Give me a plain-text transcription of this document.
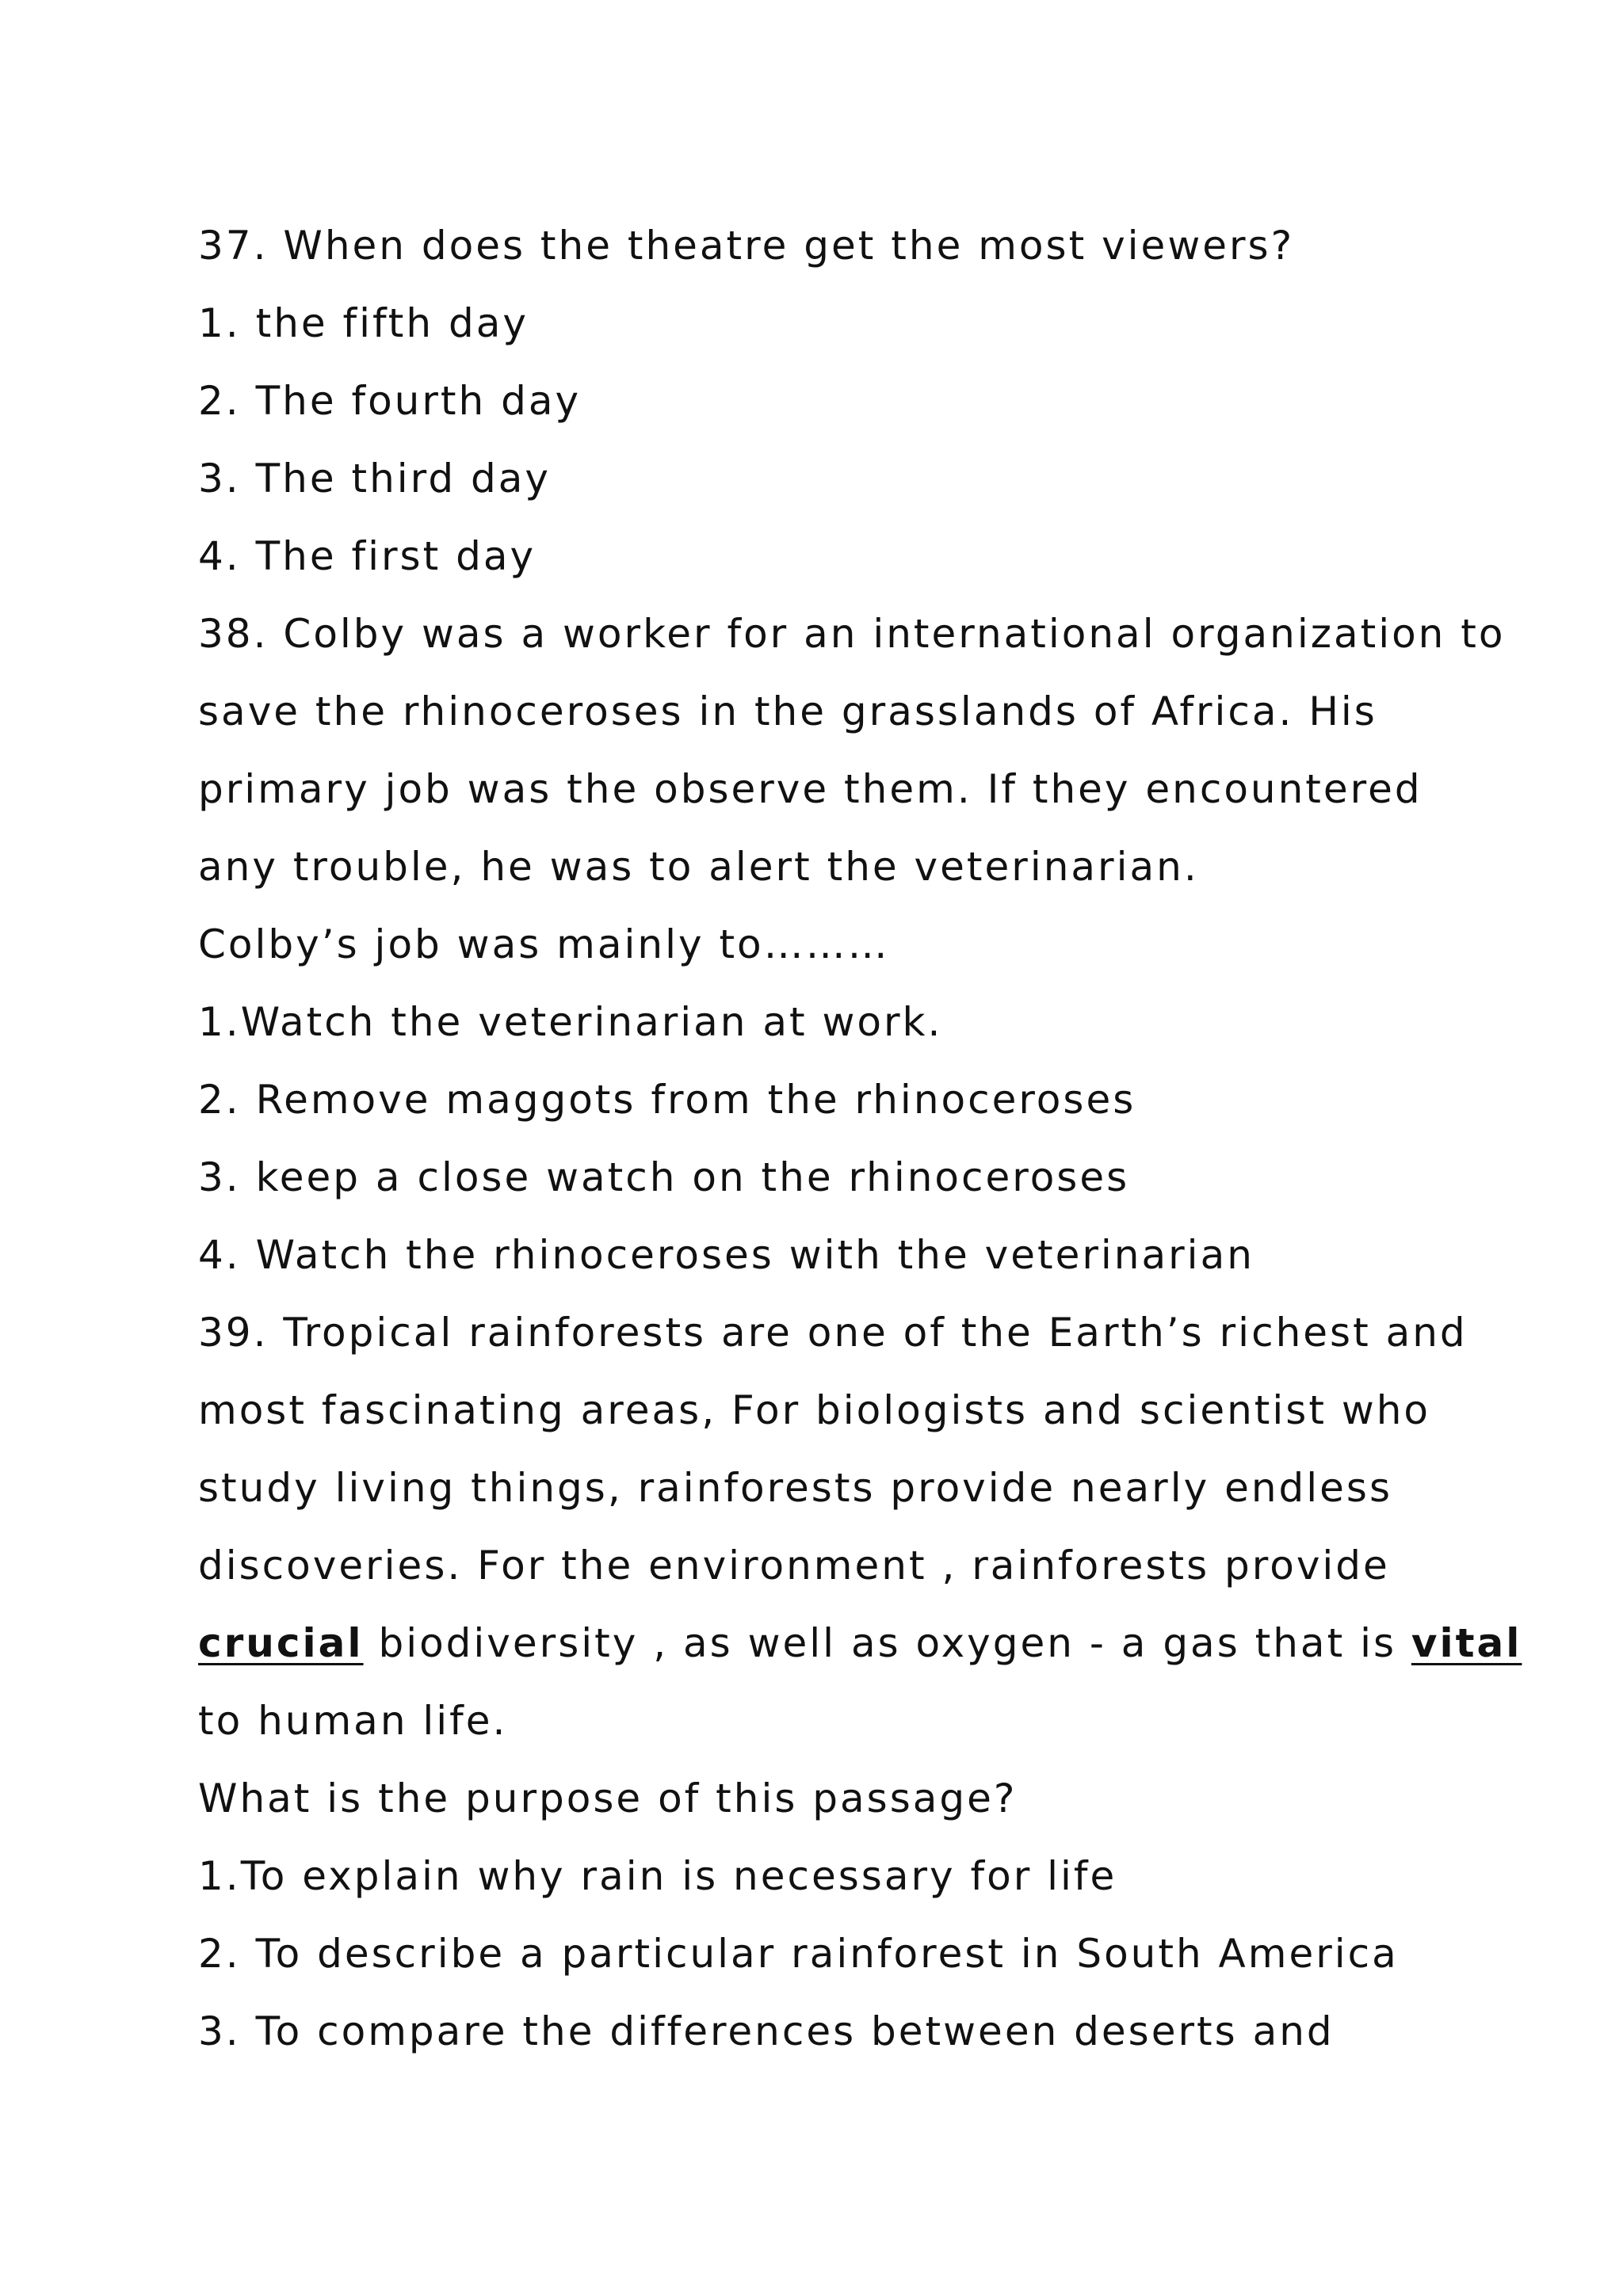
37. When does the theatre get the most viewers?
1. the fifth day
2. The fourth day
3. The third day
4. The first day
38. Colby was a worker for an international organization to
save the rhinoceroses in the grasslands of Africa. His
primary job was the observe them. If they encountered
any trouble, he was to alert the veterinarian.
Colby’s job was mainly to………
1.Watch the veterinarian at work.
2. Remove maggots from the rhinoceroses
3. keep a close watch on the rhinoceroses
4. Watch the rhinoceroses with the veterinarian
39. Tropical rainforests are one of the Earth’s richest and
most fascinating areas, For biologists and scientist who
study living things, rainforests provide nearly endless
discoveries. For the environment , rainforests provide
crucial biodiversity , as well as oxygen - a gas that is vital
to human life.
What is the purpose of this passage?
1.To explain why rain is necessary for life
2. To describe a particular rainforest in South America
3. To compare the differences between deserts and
